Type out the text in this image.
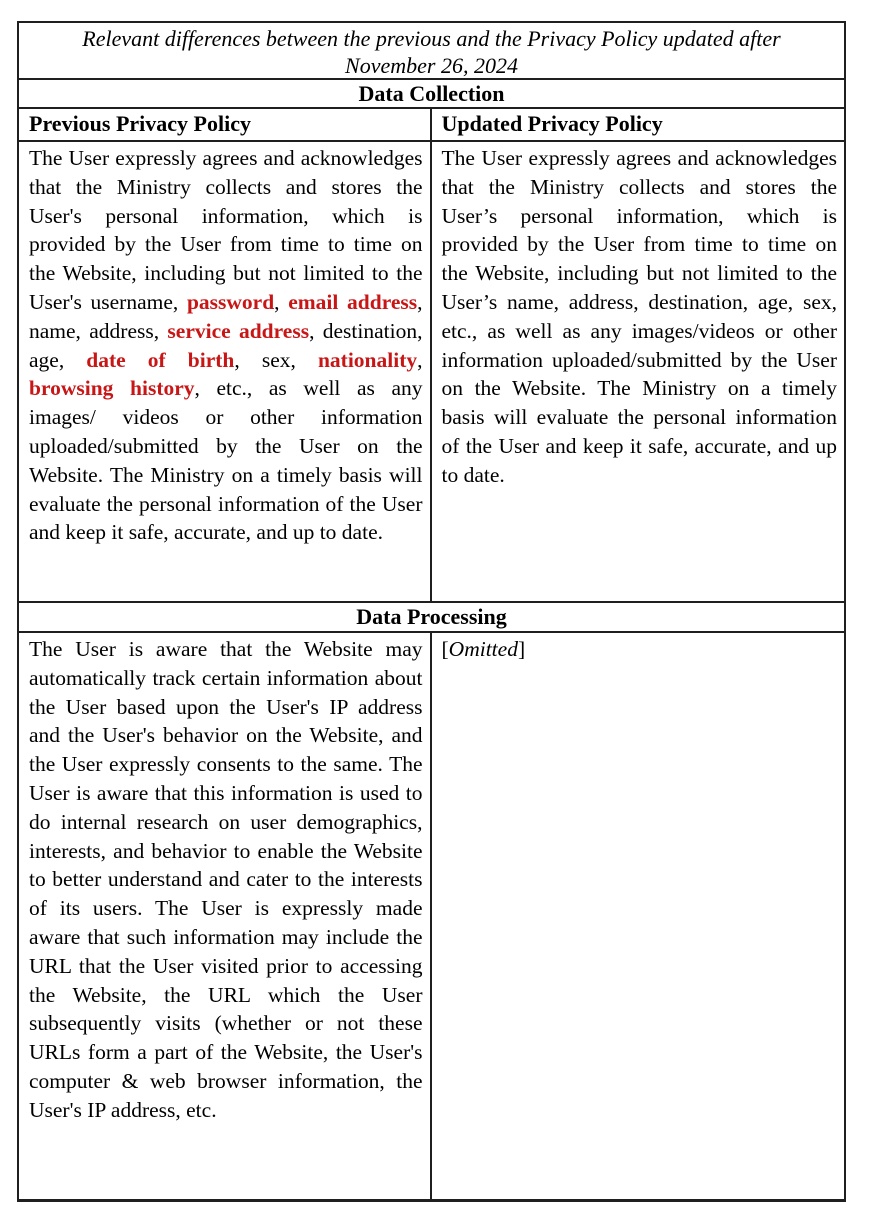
Relevant differences between the previous and the Privacy Policy updated after
November 26, 2024
Data Collection
Previous Privacy Policy	Updated Privacy Policy
The User expressly agrees and acknowledges that the Ministry collects and stores the User's personal information, which is provided by the User from time to time on the Website, including but not limited to the User's username, password, email address, name, address, service address, destination, age, date of birth, sex, nationality, browsing history, etc., as well as any images/ videos or other information uploaded/submitted by the User on the Website. The Ministry on a timely basis will evaluate the personal information of the User and keep it safe, accurate, and up to date.
The User expressly agrees and acknowledges that the Ministry collects and stores the User’s personal information, which is provided by the User from time to time on the Website, including but not limited to the User’s name, address, destination, age, sex, etc., as well as any images/videos or other information uploaded/submitted by the User on the Website. The Ministry on a timely basis will evaluate the personal information of the User and keep it safe, accurate, and up to date.
Data Processing
The User is aware that the Website may automatically track certain information about the User based upon the User's IP address and the User's behavior on the Website, and the User expressly consents to the same. The User is aware that this information is used to do internal research on user demographics, interests, and behavior to enable the Website to better understand and cater to the interests of its users. The User is expressly made aware that such information may include the URL that the User visited prior to accessing the Website, the URL which the User subsequently visits (whether or not these URLs form a part of the Website, the User's computer & web browser information, the User's IP address, etc.
[Omitted]
